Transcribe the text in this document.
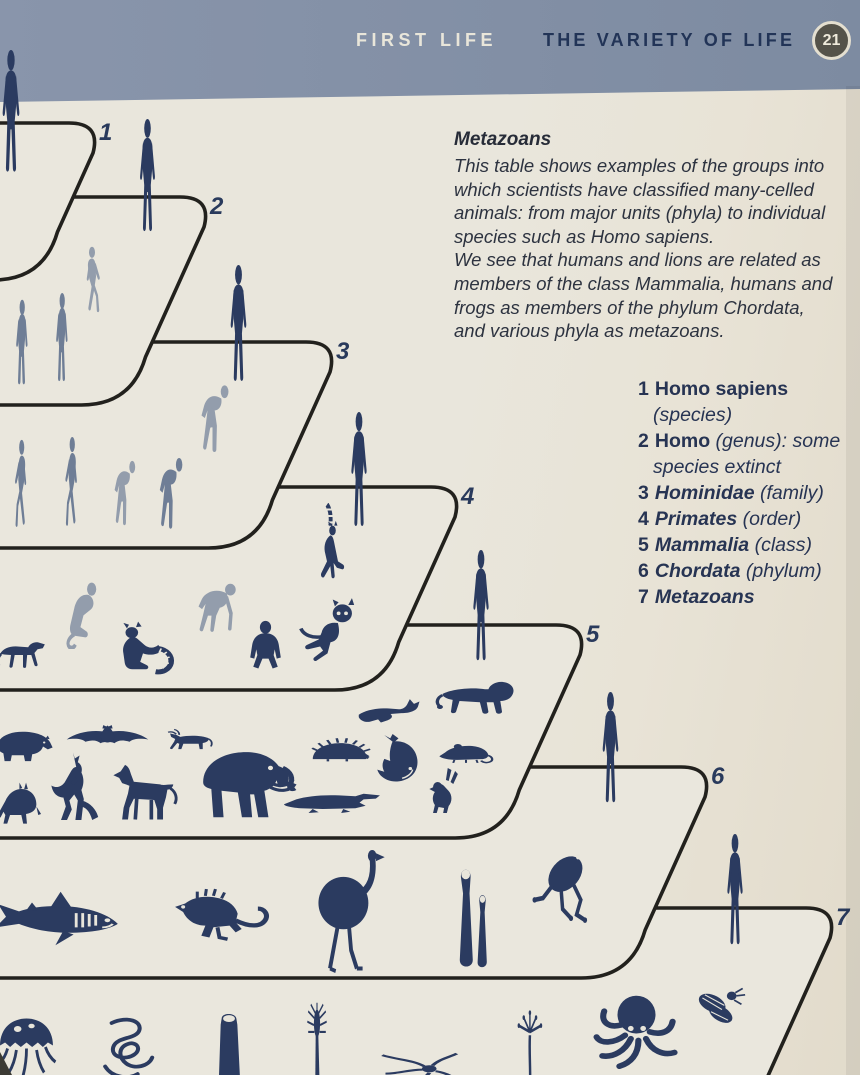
1
2
3
4
5
6
7
FIRST LIFE	THE VARIETY OF LIFE 21
Metazoans

This table shows examples of the groups into which scientists have classified many-celled animals: from major units (phyla) to individual species such as Homo sapiens.

We see that humans and lions are related as members of the class Mammalia, humans and frogs as members of the phylum Chordata, and various phyla as metazoans.

1 Homo sapiens (species)
2 Homo (genus): some species extinct
3 Hominidae (family)
4 Primates (order)
5 Mammalia (class)
6 Chordata (phylum)
7 Metazoans
